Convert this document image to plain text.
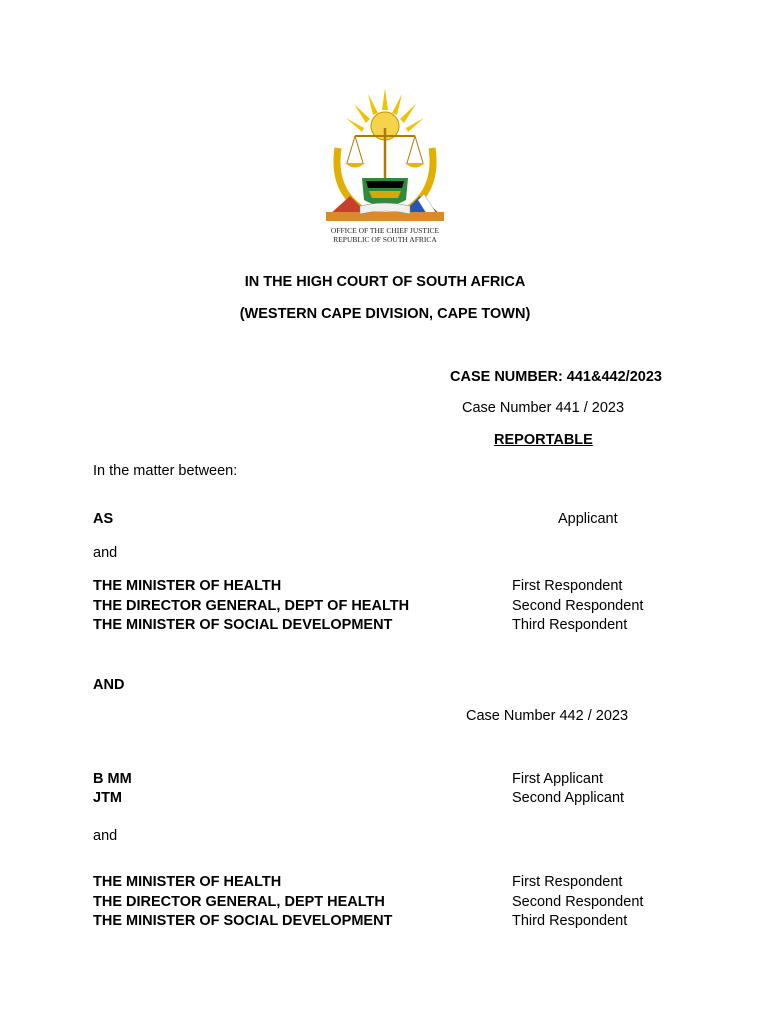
OFFICE OF THE CHIEF JUSTICE
REPUBLIC OF SOUTH AFRICA
IN THE HIGH COURT OF SOUTH AFRICA
(WESTERN CAPE DIVISION, CAPE TOWN)
CASE NUMBER: 441&442/2023
Case Number 441 / 2023
REPORTABLE
In the matter between:
AS	Applicant
and
THE MINISTER OF HEALTH	First Respondent
THE DIRECTOR GENERAL, DEPT OF HEALTH	Second Respondent
THE MINISTER OF SOCIAL DEVELOPMENT	Third Respondent
AND
Case Number 442 / 2023
B MM	First Applicant
JTM	Second Applicant
and
THE MINISTER OF HEALTH	First Respondent
THE DIRECTOR GENERAL, DEPT HEALTH	Second Respondent
THE MINISTER OF SOCIAL DEVELOPMENT	Third Respondent
